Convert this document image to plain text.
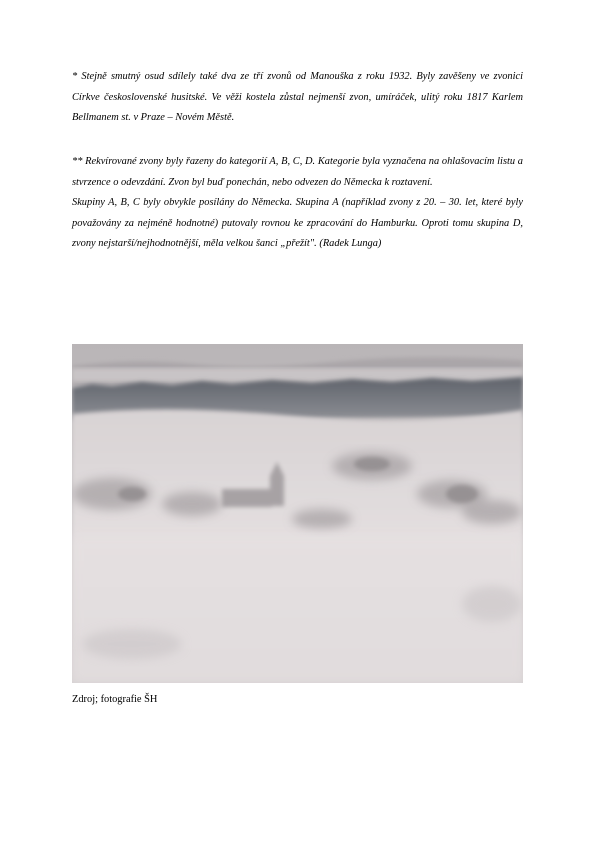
* Stejně smutný osud sdílely také dva ze tří zvonů od Manouška z roku 1932. Byly zavěšeny ve zvonici Církve československé husitské. Ve věži kostela zůstal nejmenší zvon, umíráček, ulitý roku 1817 Karlem Bellmanem st. v Praze – Novém Městě.

** Rekvírované zvony byly řazeny do kategorií A, B, C, D. Kategorie byla vyznačena na ohlašovacím listu a stvrzence o odevzdání. Zvon byl buď ponechán, nebo odvezen do Německa k roztavení.

Skupiny A, B, C byly obvykle posílány do Německa. Skupina A (například zvony z 20. – 30. let, které byly považovány za nejméně hodnotné) putovaly rovnou ke zpracování do Hamburku. Oproti tomu skupina D, zvony nejstarší/nejhodnotnější, měla velkou šanci „přežít". (Radek Lunga)

Zdroj; fotografie ŠH
